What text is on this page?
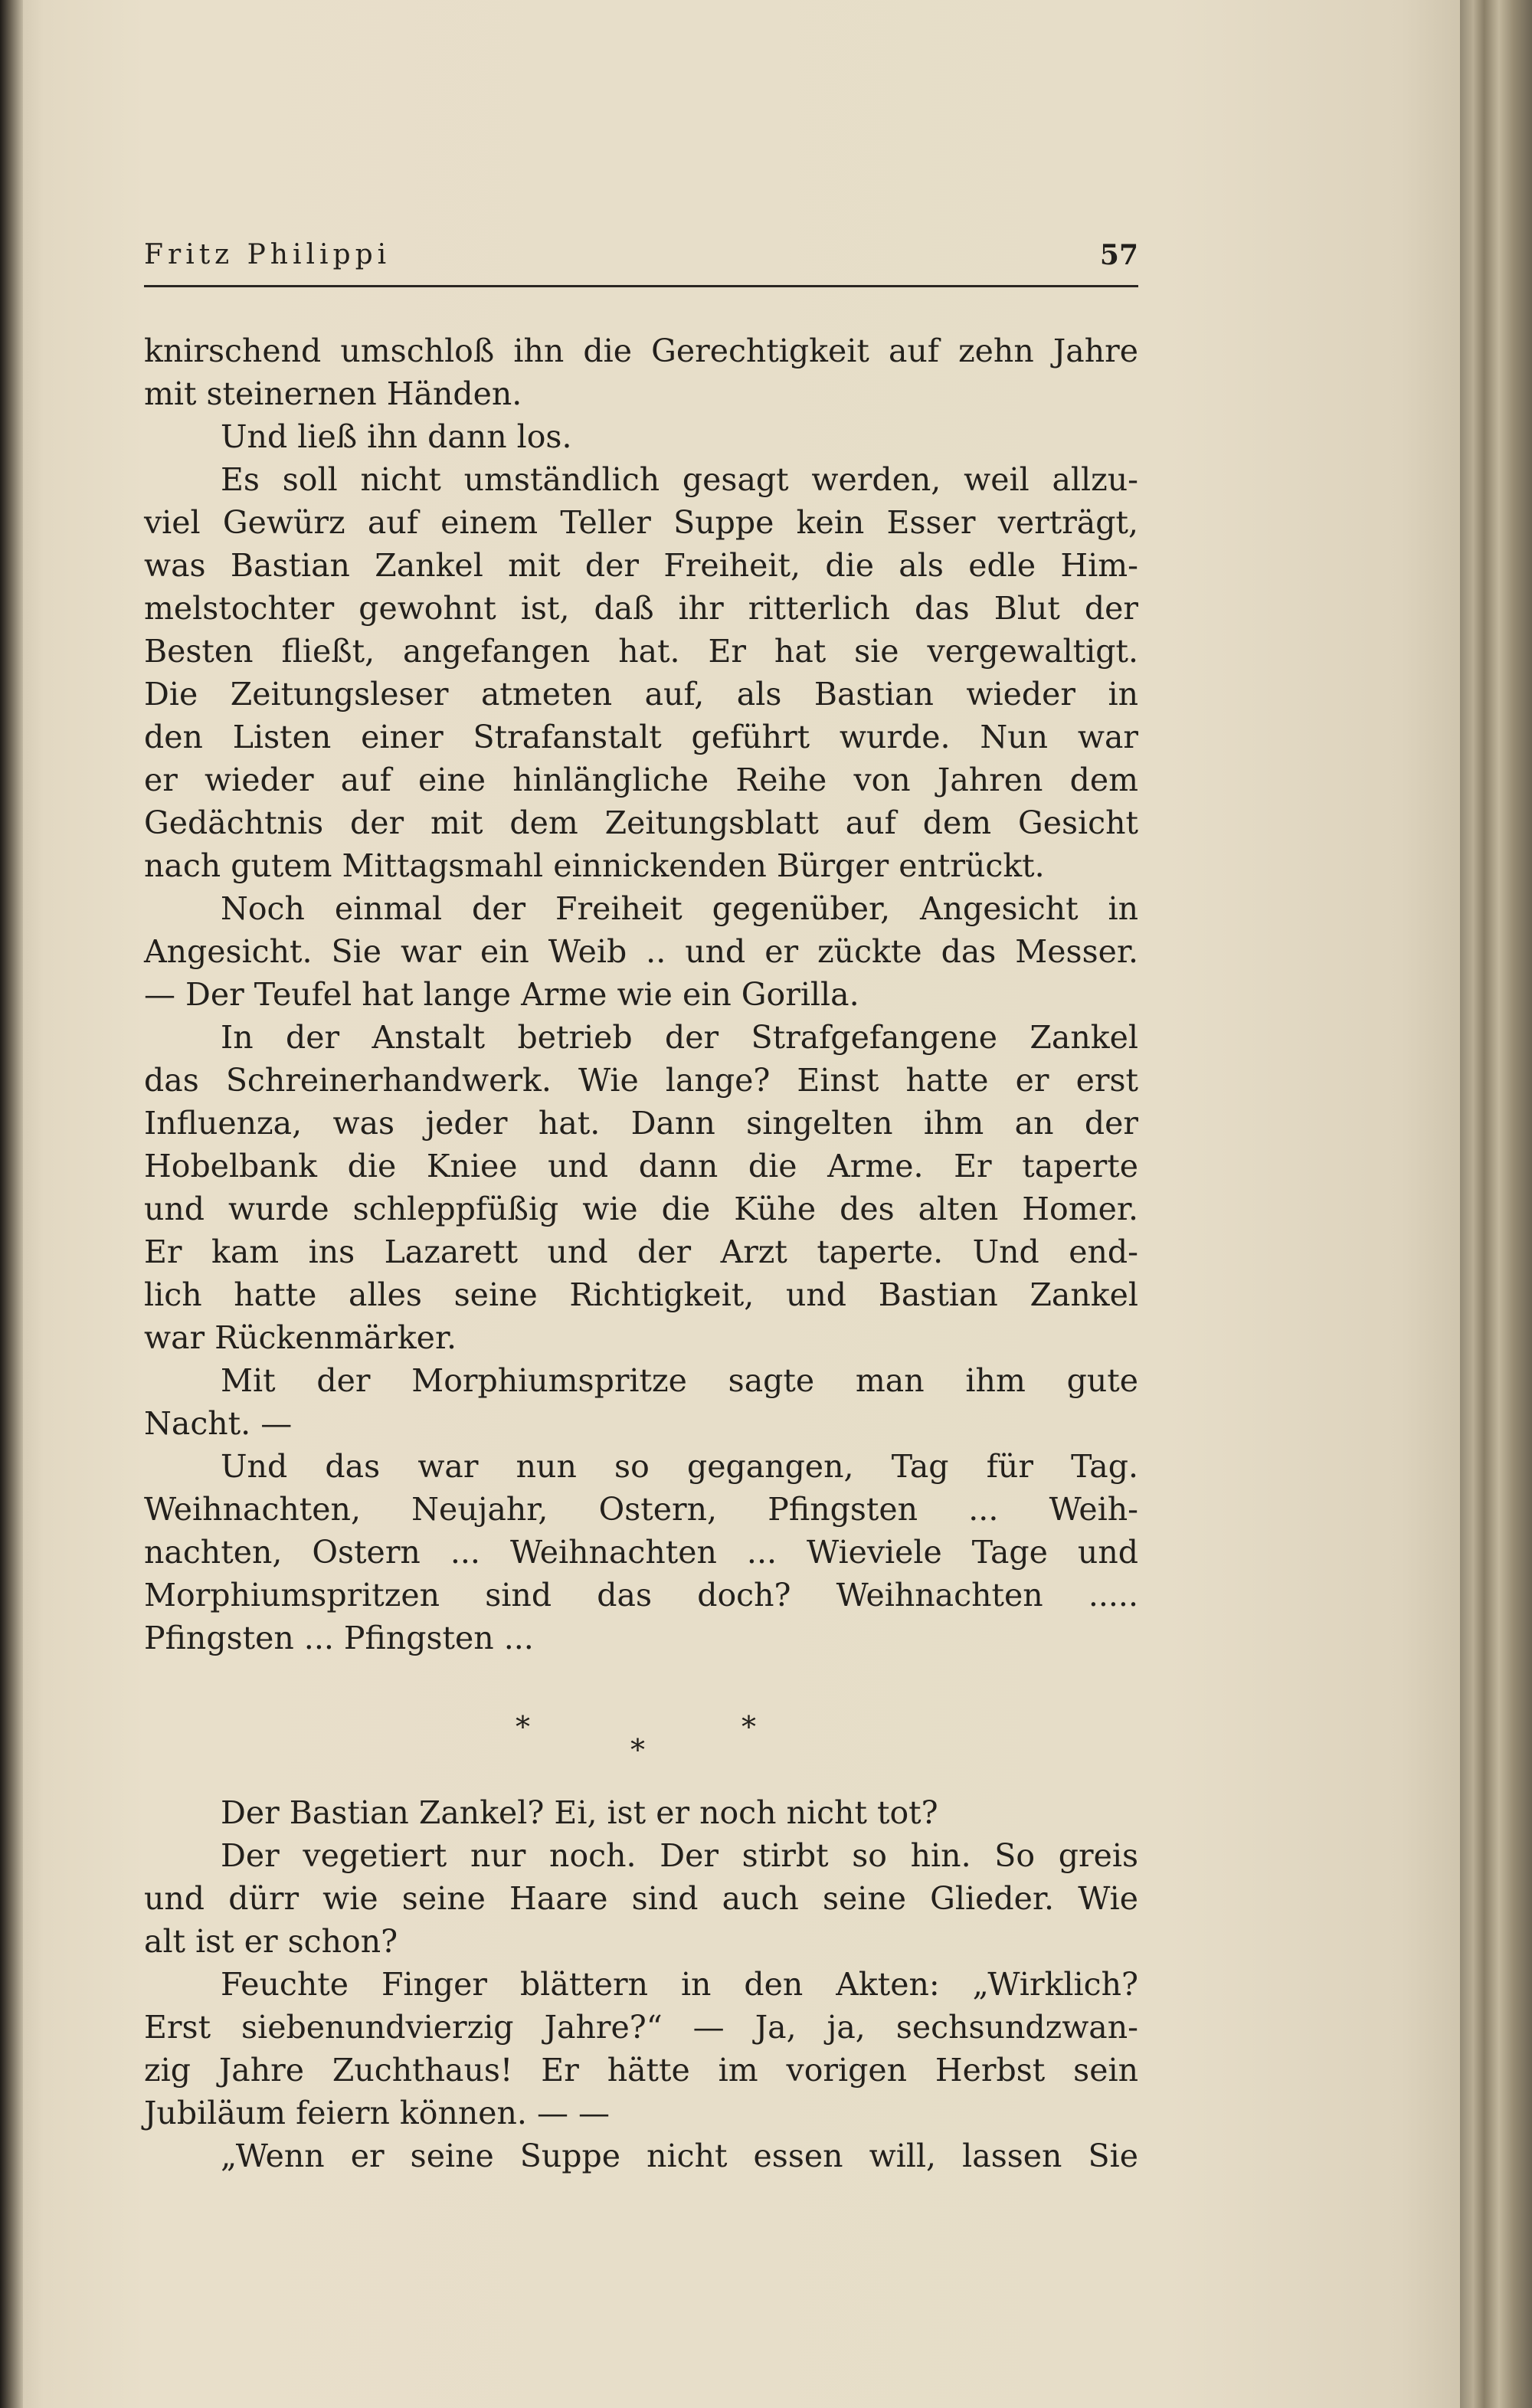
Fritz Philippi	57
knirschend umschloß ihn die Gerechtigkeit auf zehn Jahre
mit steinernen Händen.
Und ließ ihn dann los.
Es soll nicht umständlich gesagt werden, weil allzu-
viel Gewürz auf einem Teller Suppe kein Esser verträgt,
was Bastian Zankel mit der Freiheit, die als edle Him-
melstochter gewohnt ist, daß ihr ritterlich das Blut der
Besten fließt, angefangen hat. Er hat sie vergewaltigt.
Die Zeitungsleser atmeten auf, als Bastian wieder in
den Listen einer Strafanstalt geführt wurde. Nun war
er wieder auf eine hinlängliche Reihe von Jahren dem
Gedächtnis der mit dem Zeitungsblatt auf dem Gesicht
nach gutem Mittagsmahl einnickenden Bürger entrückt.
Noch einmal der Freiheit gegenüber, Angesicht in
Angesicht. Sie war ein Weib .. und er zückte das Messer.
— Der Teufel hat lange Arme wie ein Gorilla.
In der Anstalt betrieb der Strafgefangene Zankel
das Schreinerhandwerk. Wie lange? Einst hatte er erst
Influenza, was jeder hat. Dann singelten ihm an der
Hobelbank die Kniee und dann die Arme. Er taperte
und wurde schleppfüßig wie die Kühe des alten Homer.
Er kam ins Lazarett und der Arzt taperte. Und end-
lich hatte alles seine Richtigkeit, und Bastian Zankel
war Rückenmärker.
Mit der Morphiumspritze sagte man ihm gute
Nacht. —
Und das war nun so gegangen, Tag für Tag.
Weihnachten, Neujahr, Ostern, Pfingsten ... Weih-
nachten, Ostern ... Weihnachten ... Wieviele Tage und
Morphiumspritzen sind das doch? Weihnachten .....
Pfingsten ... Pfingsten ...
*
*
*
Der Bastian Zankel? Ei, ist er noch nicht tot?
Der vegetiert nur noch. Der stirbt so hin. So greis
und dürr wie seine Haare sind auch seine Glieder. Wie
alt ist er schon?
Feuchte Finger blättern in den Akten: „Wirklich?
Erst siebenundvierzig Jahre?“ — Ja, ja, sechsundzwan-
zig Jahre Zuchthaus! Er hätte im vorigen Herbst sein
Jubiläum feiern können. — —
„Wenn er seine Suppe nicht essen will, lassen Sie
